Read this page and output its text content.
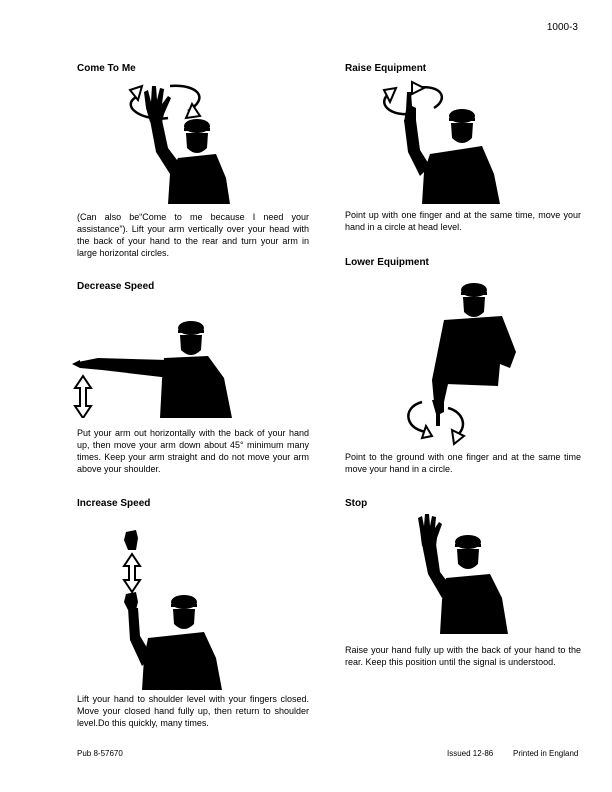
1000-3
Come To Me

(Can also be“Come to me because I need your assistance”). Lift your arm vertically over your head with the back of your hand to the rear and turn your arm in large horizontal circles.

Raise Equipment

Point up with one finger and at the same time, move your hand in a circle at head level.

Decrease Speed

Put your arm out horizontally with the back of your hand up, then move your arm down about 45° minimum many times. Keep your arm straight and do not move your arm above your shoulder.

Lower Equipment

Point to the ground with one finger and at the same time move your hand in a circle.

Increase Speed

Lift your hand to shoulder level with your fingers closed. Move your closed hand fully up, then return to shoulder level.Do this quickly, many times.

Stop

Raise your hand fully up with the back of your hand to the rear. Keep this position until the signal is understood.

Pub 8-57670	Issued 12-86 Printed in England
